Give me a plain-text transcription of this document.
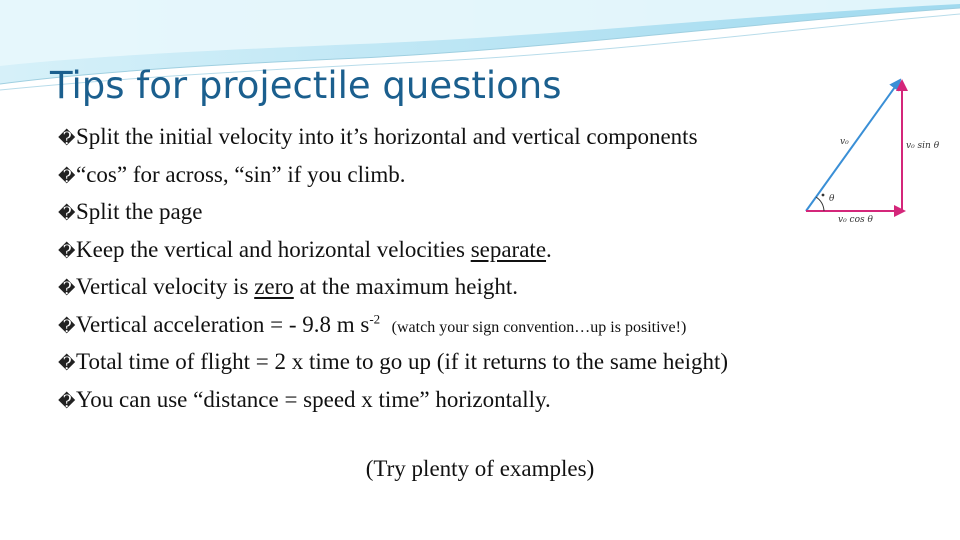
Tips for projectile questions
� Split the initial velocity into it’s horizontal and vertical components
� “cos” for across, “sin” if you climb.
� Split the page
� Keep the vertical and horizontal velocities separate.
� Vertical velocity is zero at the maximum height.
� Vertical acceleration = - 9.8 m $s^{-2}$  (watch your sign convention…up is positive!)
� Total time of flight = 2 x time to go up (if it returns to the same height)
� You can use “distance = speed x time” horizontally.
(Try plenty of examples)
v₀	v₀ sin θ
v₀ cos θ
θ
